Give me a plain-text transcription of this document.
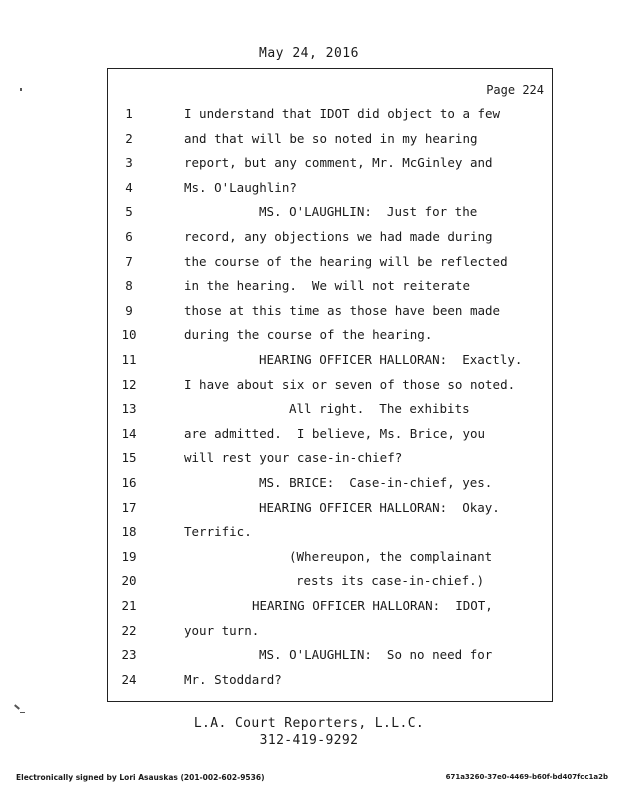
May 24, 2016
Page 224
1	I understand that IDOT did object to a few
2	and that will be so noted in my hearing
3	report, but any comment, Mr. McGinley and
4	Ms. O'Laughlin?
5	MS. O'LAUGHLIN:  Just for the
6	record, any objections we had made during
7	the course of the hearing will be reflected
8	in the hearing.  We will not reiterate
9	those at this time as those have been made
10	during the course of the hearing.
11	HEARING OFFICER HALLORAN:  Exactly.
12	I have about six or seven of those so noted.
13	All right.  The exhibits
14	are admitted.  I believe, Ms. Brice, you
15	will rest your case-in-chief?
16	MS. BRICE:  Case-in-chief, yes.
17	HEARING OFFICER HALLORAN:  Okay.
18	Terrific.
19	(Whereupon, the complainant
20	rests its case-in-chief.)
21	HEARING OFFICER HALLORAN:  IDOT,
22	your turn.
23	MS. O'LAUGHLIN:  So no need for
24	Mr. Stoddard?
L.A. Court Reporters, L.L.C.
312-419-9292
Electronically signed by Lori Asauskas (201-002-602-9536)	671a3260-37e0-4469-b60f-bd407fcc1a2b
